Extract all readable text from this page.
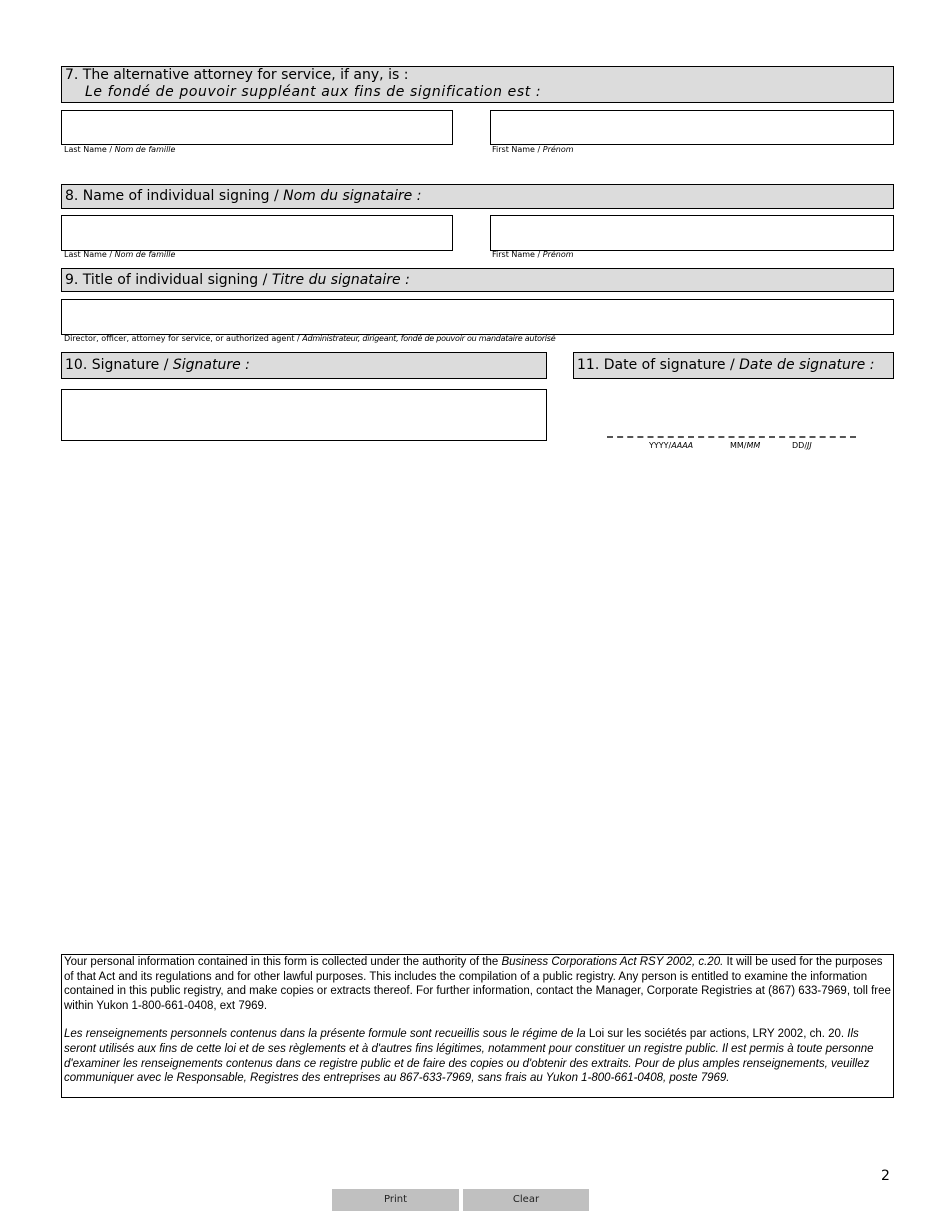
7. The alternative attorney for service, if any, is :
Le fondé de pouvoir suppléant aux fins de signification est :
Last Name / Nom de famille	First Name / Prénom
8. Name of individual signing / Nom du signataire :
Last Name / Nom de famille	First Name / Prénom
9. Title of individual signing / Titre du signataire :
Director, officer, attorney for service, or authorized agent / Administrateur, dirigeant, fondé de pouvoir ou mandataire autorisé
10. Signature / Signature :	11. Date of signature / Date de signature :
YYYY/AAAA	MM/MM	DD/JJ

Your personal information contained in this form is collected under the authority of the Business Corporations Act RSY 2002, c.20. It will be used for the purposes of that Act and its regulations and for other lawful purposes. This includes the compilation of a public registry. Any person is entitled to examine the information contained in this public registry, and make copies or extracts thereof. For further information, contact the Manager, Corporate Registries at (867) 633-7969, toll free within Yukon 1-800-661-0408, ext 7969.

Les renseignements personnels contenus dans la présente formule sont recueillis sous le régime de la Loi sur les sociétés par actions, LRY 2002, ch. 20. Ils seront utilisés aux fins de cette loi et de ses règlements et à d'autres fins légitimes, notamment pour constituer un registre public. Il est permis à toute personne d'examiner les renseignements contenus dans ce registre public et de faire des copies ou d'obtenir des extraits. Pour de plus amples renseignements, veuillez communiquer avec le Responsable, Registres des entreprises au 867-633-7969, sans frais au Yukon 1-800-661-0408, poste 7969.

2
Print	Clear
